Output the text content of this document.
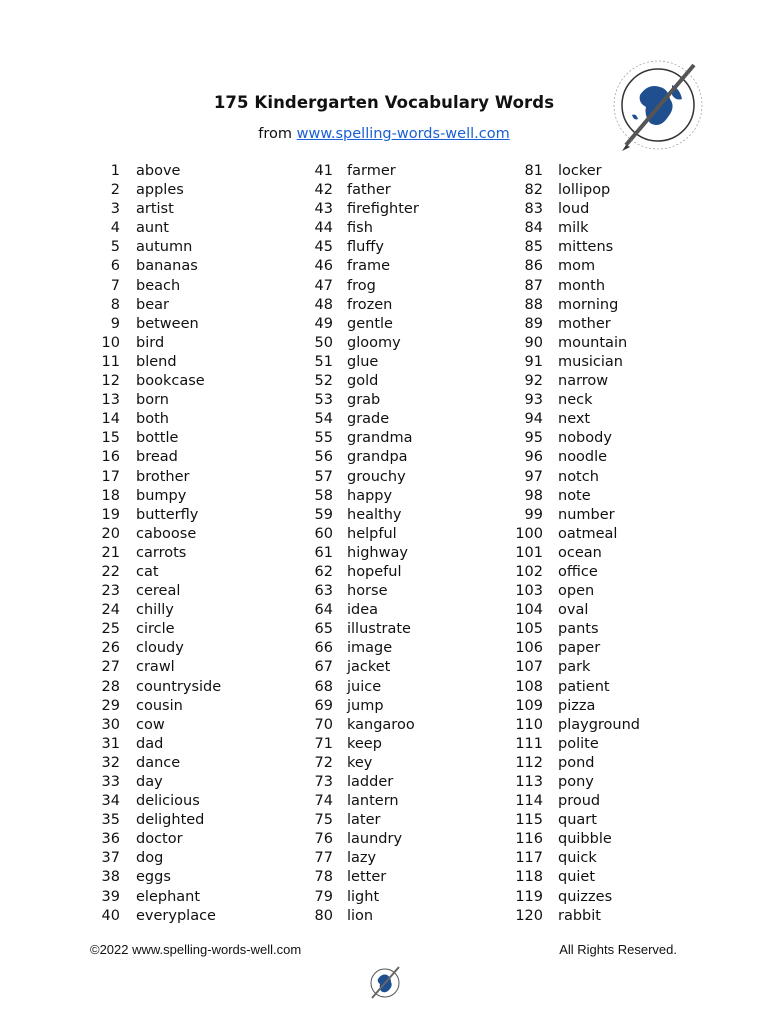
175 Kindergarten Vocabulary Words
from www.spelling-words-well.com
1 above
2 apples
3 artist
4 aunt
5 autumn
6 bananas
7 beach
8 bear
9 between
10 bird
11 blend
12 bookcase
13 born
14 both
15 bottle
16 bread
17 brother
18 bumpy
19 butterfly
20 caboose
21 carrots
22 cat
23 cereal
24 chilly
25 circle
26 cloudy
27 crawl
28 countryside
29 cousin
30 cow
31 dad
32 dance
33 day
34 delicious
35 delighted
36 doctor
37 dog
38 eggs
39 elephant
40 everyplace
41 farmer
42 father
43 firefighter
44 fish
45 fluffy
46 frame
47 frog
48 frozen
49 gentle
50 gloomy
51 glue
52 gold
53 grab
54 grade
55 grandma
56 grandpa
57 grouchy
58 happy
59 healthy
60 helpful
61 highway
62 hopeful
63 horse
64 idea
65 illustrate
66 image
67 jacket
68 juice
69 jump
70 kangaroo
71 keep
72 key
73 ladder
74 lantern
75 later
76 laundry
77 lazy
78 letter
79 light
80 lion
81 locker
82 lollipop
83 loud
84 milk
85 mittens
86 mom
87 month
88 morning
89 mother
90 mountain
91 musician
92 narrow
93 neck
94 next
95 nobody
96 noodle
97 notch
98 note
99 number
100 oatmeal
101 ocean
102 office
103 open
104 oval
105 pants
106 paper
107 park
108 patient
109 pizza
110 playground
111 polite
112 pond
113 pony
114 proud
115 quart
116 quibble
117 quick
118 quiet
119 quizzes
120 rabbit
©2022 www.spelling-words-well.com	All Rights Reserved.
